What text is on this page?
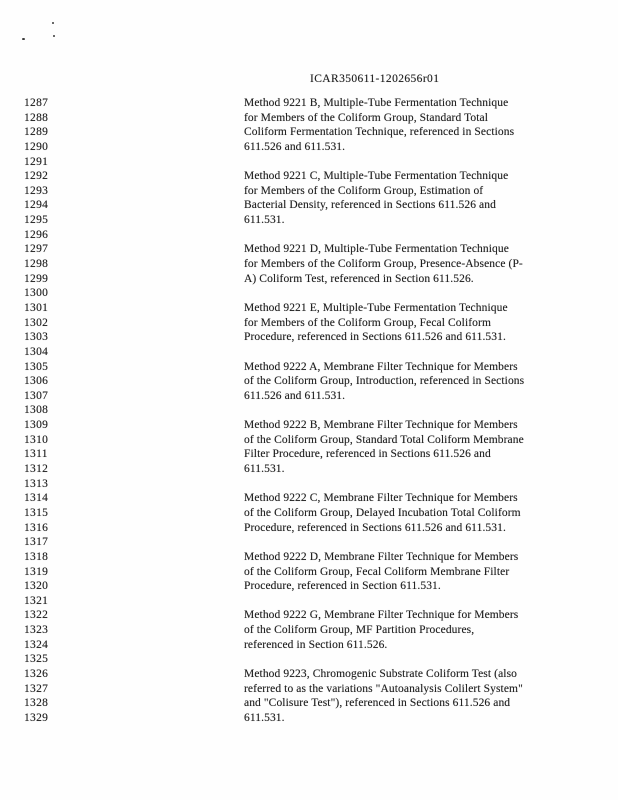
ICAR350611-1202656r01
1287	Method 9221 B, Multiple-Tube Fermentation Technique
1288	for Members of the Coliform Group, Standard Total
1289	Coliform Fermentation Technique, referenced in Sections
1290	611.526 and 611.531.
1291
1292	Method 9221 C, Multiple-Tube Fermentation Technique
1293	for Members of the Coliform Group, Estimation of
1294	Bacterial Density, referenced in Sections 611.526 and
1295	611.531.
1296
1297	Method 9221 D, Multiple-Tube Fermentation Technique
1298	for Members of the Coliform Group, Presence-Absence (P-
1299	A) Coliform Test, referenced in Section 611.526.
1300
1301	Method 9221 E, Multiple-Tube Fermentation Technique
1302	for Members of the Coliform Group, Fecal Coliform
1303	Procedure, referenced in Sections 611.526 and 611.531.
1304
1305	Method 9222 A, Membrane Filter Technique for Members
1306	of the Coliform Group, Introduction, referenced in Sections
1307	611.526 and 611.531.
1308
1309	Method 9222 B, Membrane Filter Technique for Members
1310	of the Coliform Group, Standard Total Coliform Membrane
1311	Filter Procedure, referenced in Sections 611.526 and
1312	611.531.
1313
1314	Method 9222 C, Membrane Filter Technique for Members
1315	of the Coliform Group, Delayed Incubation Total Coliform
1316	Procedure, referenced in Sections 611.526 and 611.531.
1317
1318	Method 9222 D, Membrane Filter Technique for Members
1319	of the Coliform Group, Fecal Coliform Membrane Filter
1320	Procedure, referenced in Section 611.531.
1321
1322	Method 9222 G, Membrane Filter Technique for Members
1323	of the Coliform Group, MF Partition Procedures,
1324	referenced in Section 611.526.
1325
1326	Method 9223, Chromogenic Substrate Coliform Test (also
1327	referred to as the variations "Autoanalysis Colilert System"
1328	and "Colisure Test"), referenced in Sections 611.526 and
1329	611.531.
